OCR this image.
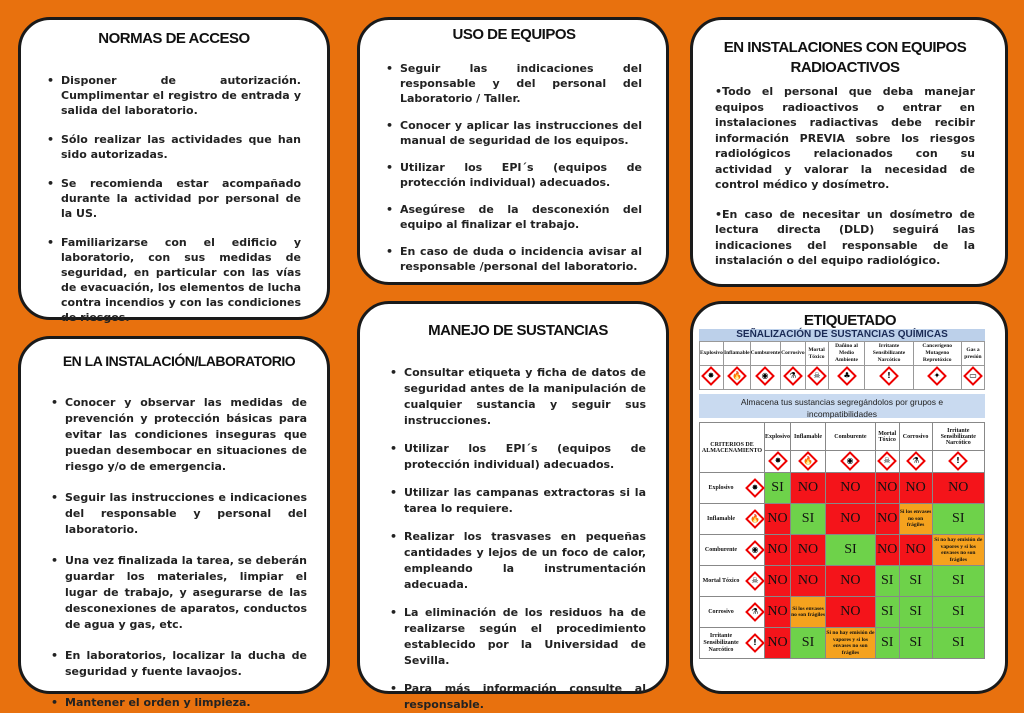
NORMAS DE ACCESO
• Disponer de autorización. Cumplimentar el registro de entrada y salida del laboratorio.
• Sólo realizar las actividades que han sido autorizadas.
• Se recomienda estar acompañado durante la actividad por personal de la US.
• Familiarizarse con el edificio y laboratorio, con sus medidas de seguridad, en particular con las vías de evacuación, los elementos de lucha contra incendios y con las condiciones de riesgos.
EN LA INSTALACIÓN/LABORATORIO
• Conocer y observar las medidas de prevención y protección básicas para evitar las condiciones inseguras que puedan desembocar en situaciones de riesgo y/o de emergencia.
• Seguir las instrucciones e indicaciones del responsable y personal del laboratorio.
• Una vez finalizada la tarea, se deberán guardar los materiales, limpiar el lugar de trabajo, y asegurarse de las desconexiones de aparatos, conductos de agua y gas, etc.
• En laboratorios, localizar la ducha de seguridad y fuente lavaojos.
• Mantener el orden y limpieza.
USO DE EQUIPOS
• Seguir las indicaciones del responsable y del personal del Laboratorio / Taller.
• Conocer y aplicar las instrucciones del manual de seguridad de los equipos.
• Utilizar los EPI´s (equipos de protección individual) adecuados.
• Asegúrese de la desconexión del equipo al finalizar el trabajo.
• En caso de duda o incidencia avisar al responsable /personal del laboratorio.
MANEJO DE SUSTANCIAS
• Consultar etiqueta y ficha de datos de seguridad antes de la manipulación de cualquier sustancia y seguir sus instrucciones.
• Utilizar los EPI´s (equipos de protección individual) adecuados.
• Utilizar las campanas extractoras si la tarea lo requiere.
• Realizar los trasvases en pequeñas cantidades y lejos de un foco de calor, empleando la instrumentación adecuada.
• La eliminación de los residuos ha de realizarse según el procedimiento establecido por la Universidad de Sevilla.
• Para más información consulte al responsable.
EN INSTALACIONES CON EQUIPOS
RADIOACTIVOS

•Todo el personal que deba manejar equipos radioactivos o entrar en instalaciones radiactivas debe recibir información PREVIA sobre los riesgos radiológicos relacionados con su actividad y valorar la necesidad de control médico y dosímetro.

•En caso de necesitar un dosímetro de lectura directa (DLD) seguirá las indicaciones del responsable de la instalación o del equipo radiológico.

ETIQUETADO
SEÑALIZACIÓN DE SUSTANCIAS QUÍMICAS
Explosivo	Inflamable	Comburente	Corrosivo	Mortal Tóxico	Dañino al Medio Ambiente	Irritante Sensibilizante Narcótico	Cancerígeno Mutageno Reprotóxico	Gas a presión

✸	🔥	◉	⚗	☠	♣	!	✦	▭
Almacena tus sustancias segregándolos por grupos e incompatibilidades
CRITERIOS DE ALMACENAMIENTO	Explosivo	Inflamable	Comburente	Mortal Tóxico	Corrosivo	Irritante Sensibilizante Narcótico

	✸	🔥	◉	☠	⚗	!

Explosivo ✸	SI	NO	NO	NO	NO	NO

Inflamable 🔥	NO	SI	NO	NO	Si los envases no son frágiles	SI

Comburente ◉	NO	NO	SI	NO	NO	Si no hay emisión de vapores y si los envases no son frágiles

Mortal Tóxico ☠	NO	NO	NO	SI	SI	SI

Corrosivo ⚗	NO	Si los envases no son frágiles	NO	SI	SI	SI

Irritante Sensibilizante Narcótico
!	NO	SI	Si no hay emisión de vapores y si los envases no son frágiles	SI	SI	SI
